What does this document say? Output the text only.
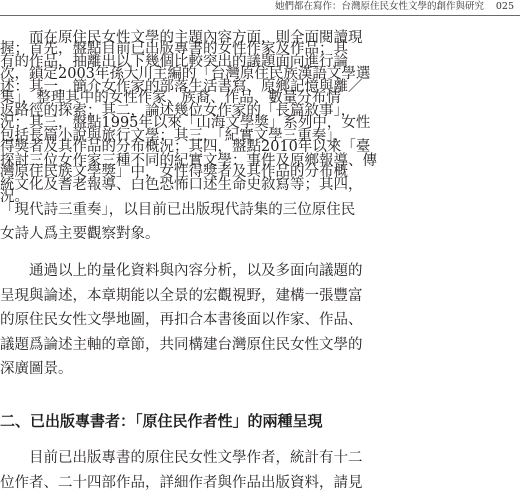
她們都在寫作：台灣原住民女性文學的創作與研究 025
握；首先，盤點目前已出版專書的女性作家及作品；其
次，鎖定2003年孫大川主編的「台灣原住民族漢語文學選
集」，整理其中的女性作家、族裔、作品、數量分布情
況；其三，盤點1995年以來「山海文學獎」系列中，女性
得獎者及其作品的分布概況；其四，盤點2010年以來「臺
灣原住民族文學獎」中，女性得獎者及其作品的分布概
況。
　　而在原住民女性文學的主題內容方面，則全面閱讀現
有的作品，抽離出以下幾個比較突出的議題面向進行論
述：其一，簡介女作家的部落生活書寫、原鄉記憶與離／
返路徑的探索；其二，論述幾位女作家的「長篇敘事」，
包括長篇小說與旅行文學；其三，「紀實文學三重奏」，
探討三位女作家三種不同的紀實文學：事件及原鄉報導、傳
統文化及耆老報導、白色恐怖口述生命史敘寫等；其四，
「現代詩三重奏」，以目前已出版現代詩集的三位原住民
女詩人爲主要觀察對象。
　　通過以上的量化資料與內容分析，以及多面向議題的
呈現與論述，本章期能以全景的宏觀視野，建構一張豐富
的原住民女性文學地圖，再扣合本書後面以作家、作品、
議題爲論述主軸的章節，共同構建台灣原住民女性文學的
深廣圖景。
二、已出版專書者：「原住民作者性」的兩種呈現
　　目前已出版專書的原住民女性文學作者，統計有十二
位作者、二十四部作品，詳細作者與作品出版資料，請見
